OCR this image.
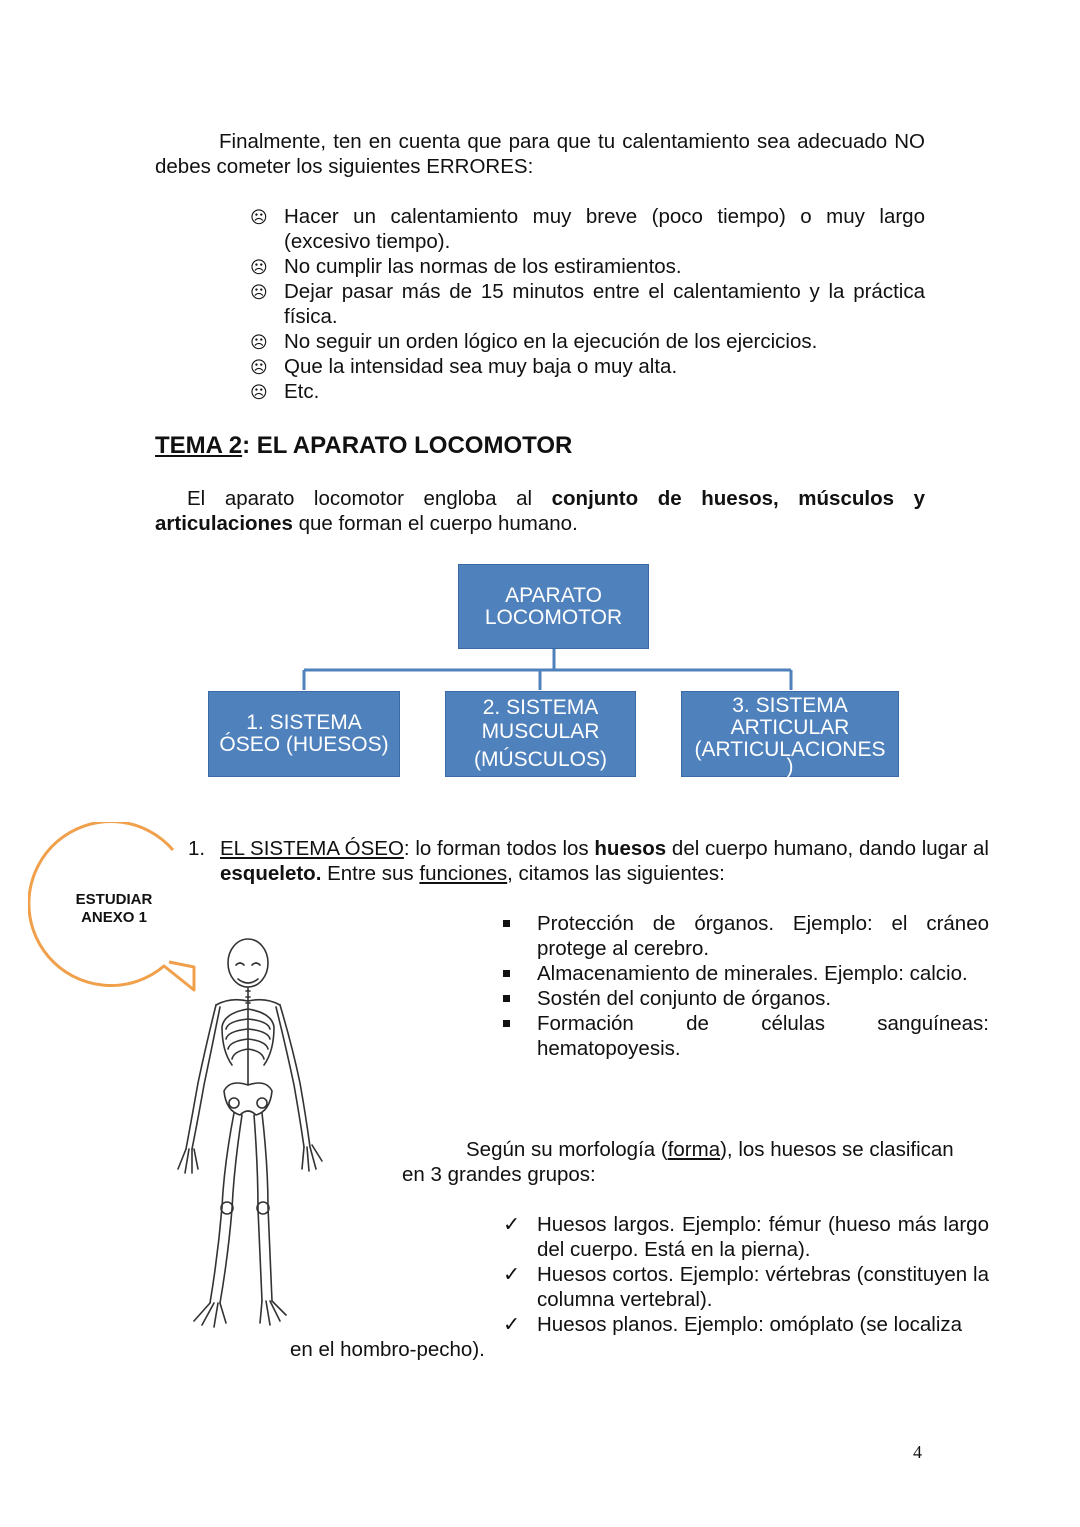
Finalmente, ten en cuenta que para que tu calentamiento sea adecuado NO debes cometer los siguientes ERRORES:
☹ Hacer un calentamiento muy breve (poco tiempo) o muy largo (excesivo tiempo).
☹ No cumplir las normas de los estiramientos.
☹ Dejar pasar más de 15 minutos entre el calentamiento y la práctica física.
☹ No seguir un orden lógico en la ejecución de los ejercicios.
☹ Que la intensidad sea muy baja o muy alta.
☹ Etc.
TEMA 2: EL APARATO LOCOMOTOR
El aparato locomotor engloba al conjunto de huesos, músculos y articulaciones que forman el cuerpo humano.
APARATO
LOCOMOTOR
1. SISTEMA
ÓSEO (HUESOS)
2. SISTEMA
MUSCULAR
(MÚSCULOS)
3. SISTEMA
ARTICULAR
(ARTICULACIONES
)
ESTUDIAR
ANEXO 1
1. EL SISTEMA ÓSEO: lo forman todos los huesos del cuerpo humano, dando lugar al esqueleto. Entre sus funciones, citamos las siguientes:
Protección de órganos. Ejemplo: el cráneo protege al cerebro.
Almacenamiento de minerales. Ejemplo: calcio.
Sostén del conjunto de órganos.
Formación de células sanguíneas: hematopoyesis.
Según su morfología (forma), los huesos se clasifican
en 3 grandes grupos:
✓ Huesos largos. Ejemplo: fémur (hueso más largo del cuerpo. Está en la pierna).
✓ Huesos cortos. Ejemplo: vértebras (constituyen la columna vertebral).
✓ Huesos planos. Ejemplo: omóplato (se localiza
en el hombro-pecho).
4
